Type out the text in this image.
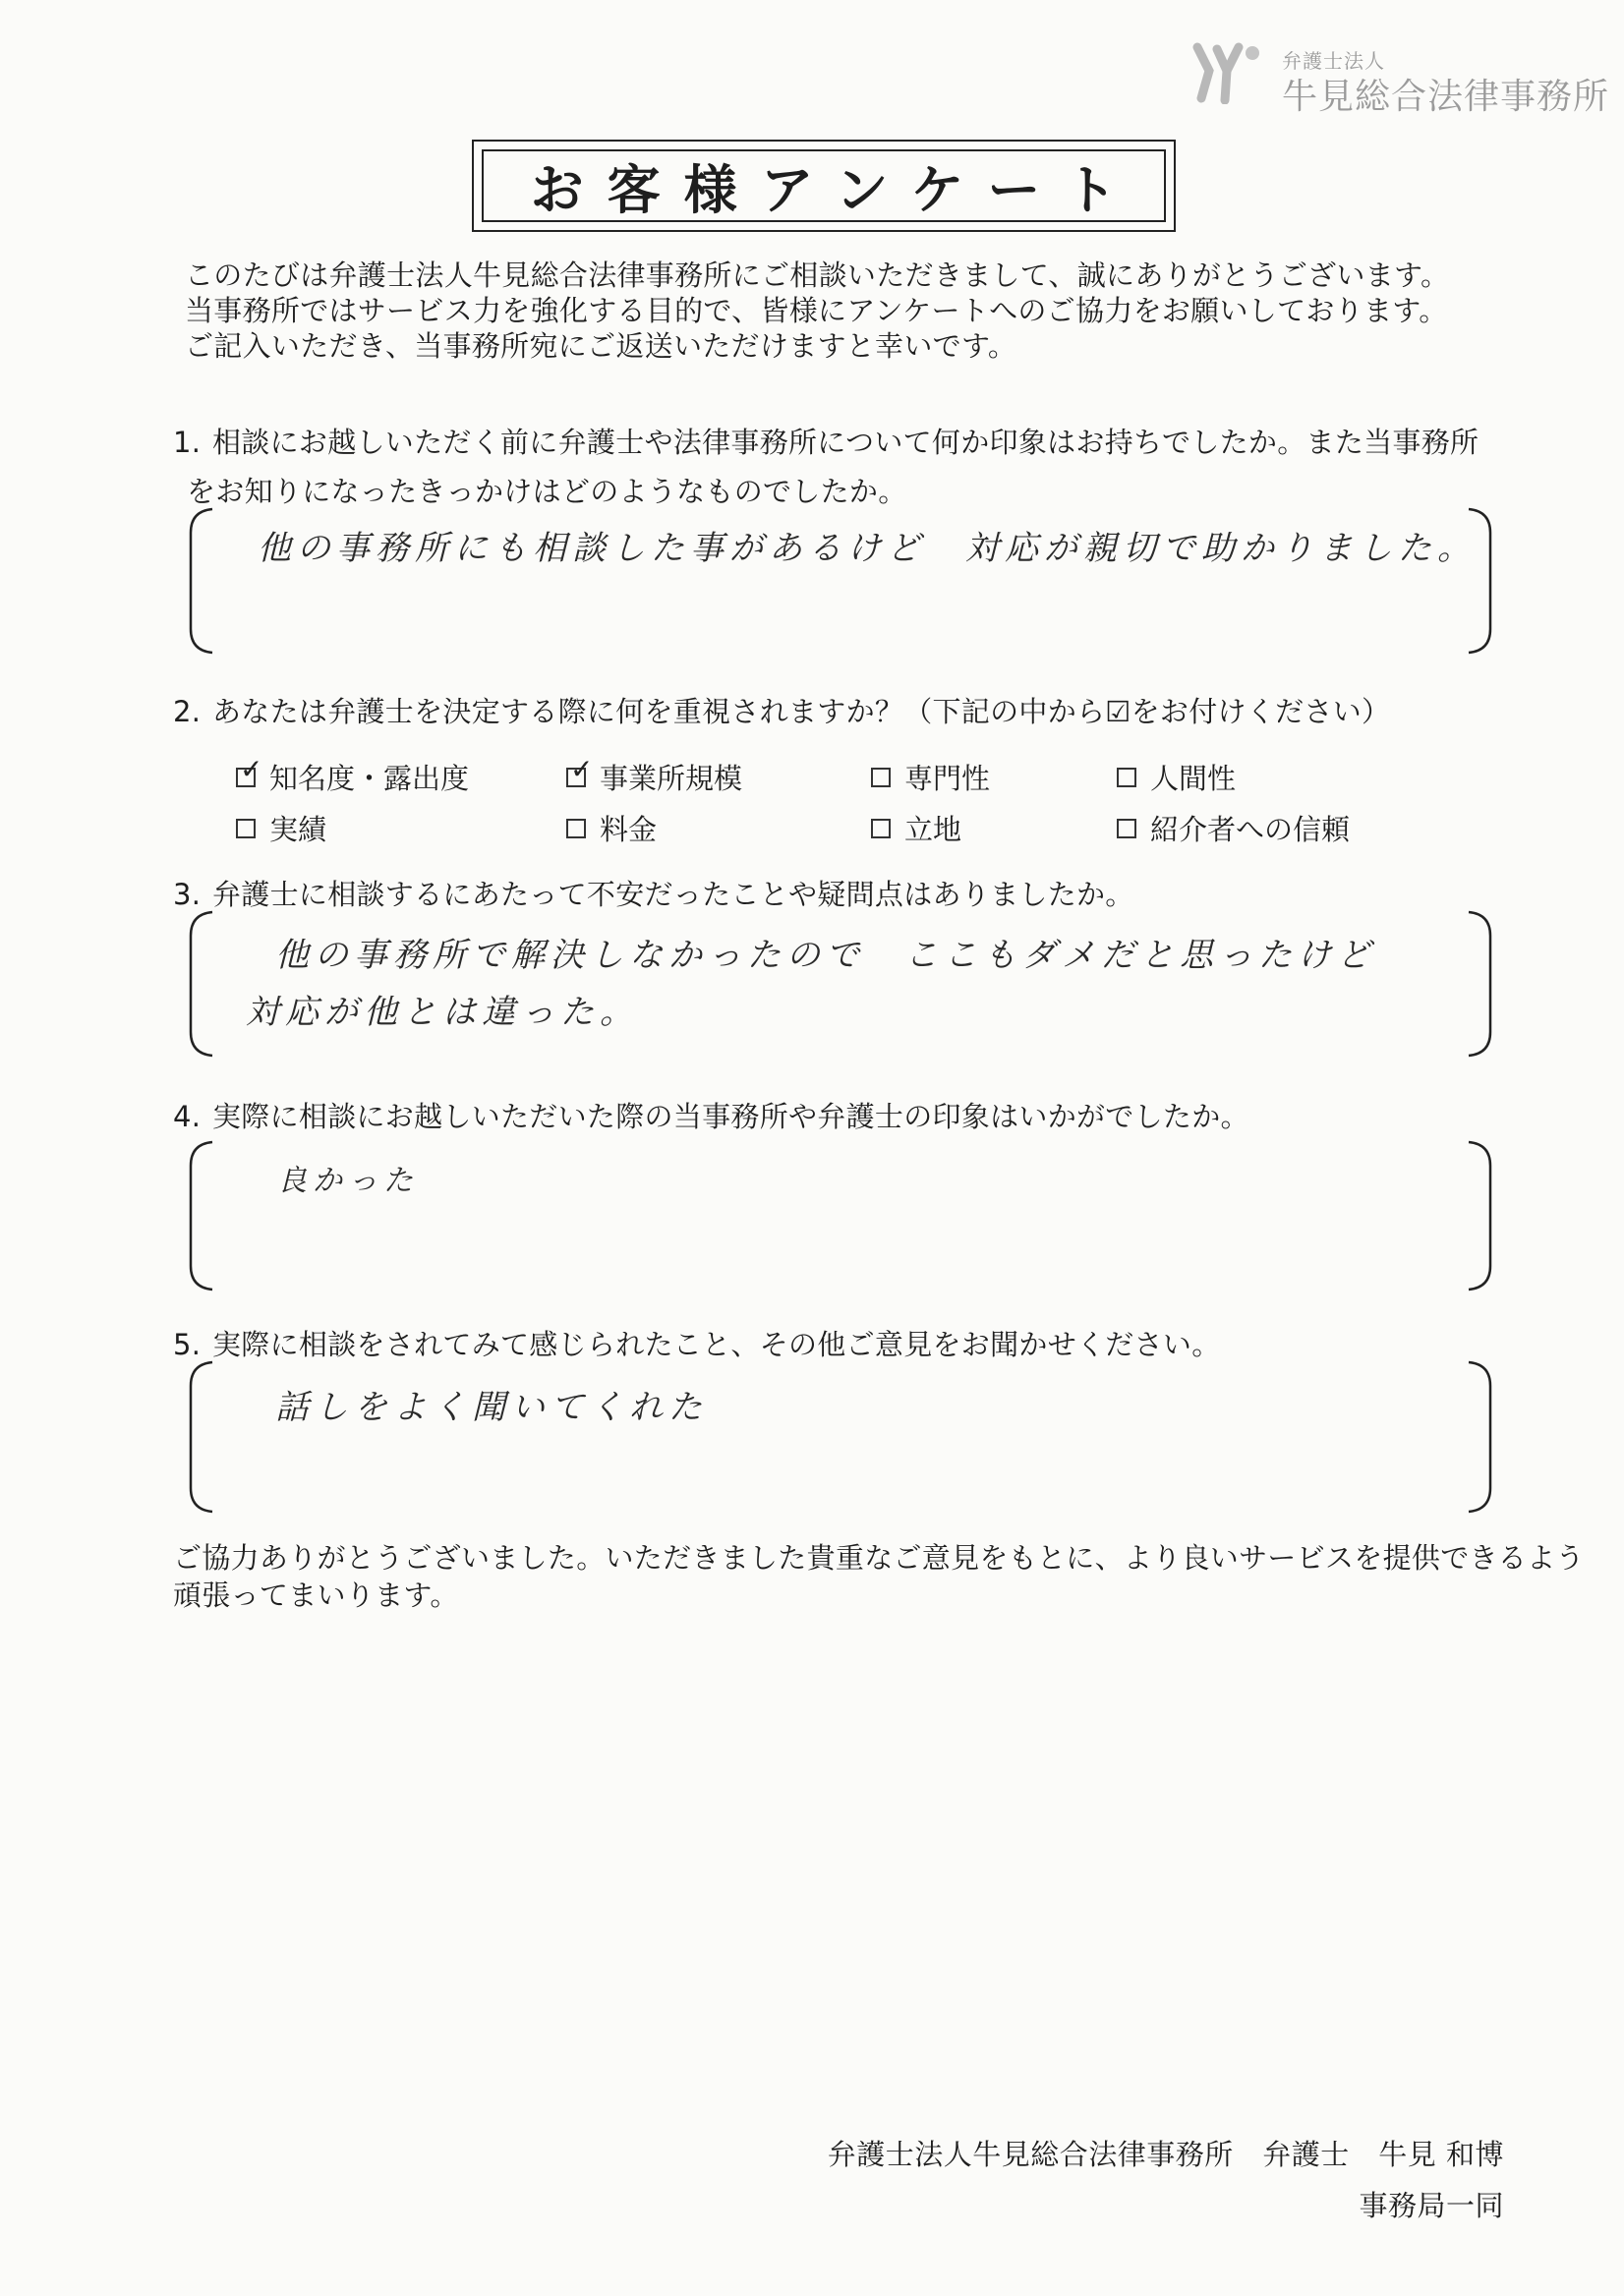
弁護士法人
牛見総合法律事務所
お客様アンケート
このたびは弁護士法人牛見総合法律事務所にご相談いただきまして、誠にありがとうございます。
当事務所ではサービス力を強化する目的で、皆様にアンケートへのご協力をお願いしております。
ご記入いただき、当事務所宛にご返送いただけますと幸いです。
1. 相談にお越しいただく前に弁護士や法律事務所について何か印象はお持ちでしたか。また当事務所
をお知りになったきっかけはどのようなものでしたか。
他の事務所にも相談した事があるけど　対応が親切で助かりました。
2. あなたは弁護士を決定する際に何を重視されますか？（下記の中から☑をお付けください）
✓ 知名度・露出度	✓ 事業所規模	専門性	人間性
実績	料金	立地	紹介者への信頼
3. 弁護士に相談するにあたって不安だったことや疑問点はありましたか。
他の事務所で解決しなかったので　ここもダメだと思ったけど
対応が他とは違った。
4. 実際に相談にお越しいただいた際の当事務所や弁護士の印象はいかがでしたか。
良かった
5. 実際に相談をされてみて感じられたこと、その他ご意見をお聞かせください。
話しをよく聞いてくれた
ご協力ありがとうございました。いただきました貴重なご意見をもとに、より良いサービスを提供できるよう
頑張ってまいります。
弁護士法人牛見総合法律事務所　弁護士　牛見 和博
事務局一同
